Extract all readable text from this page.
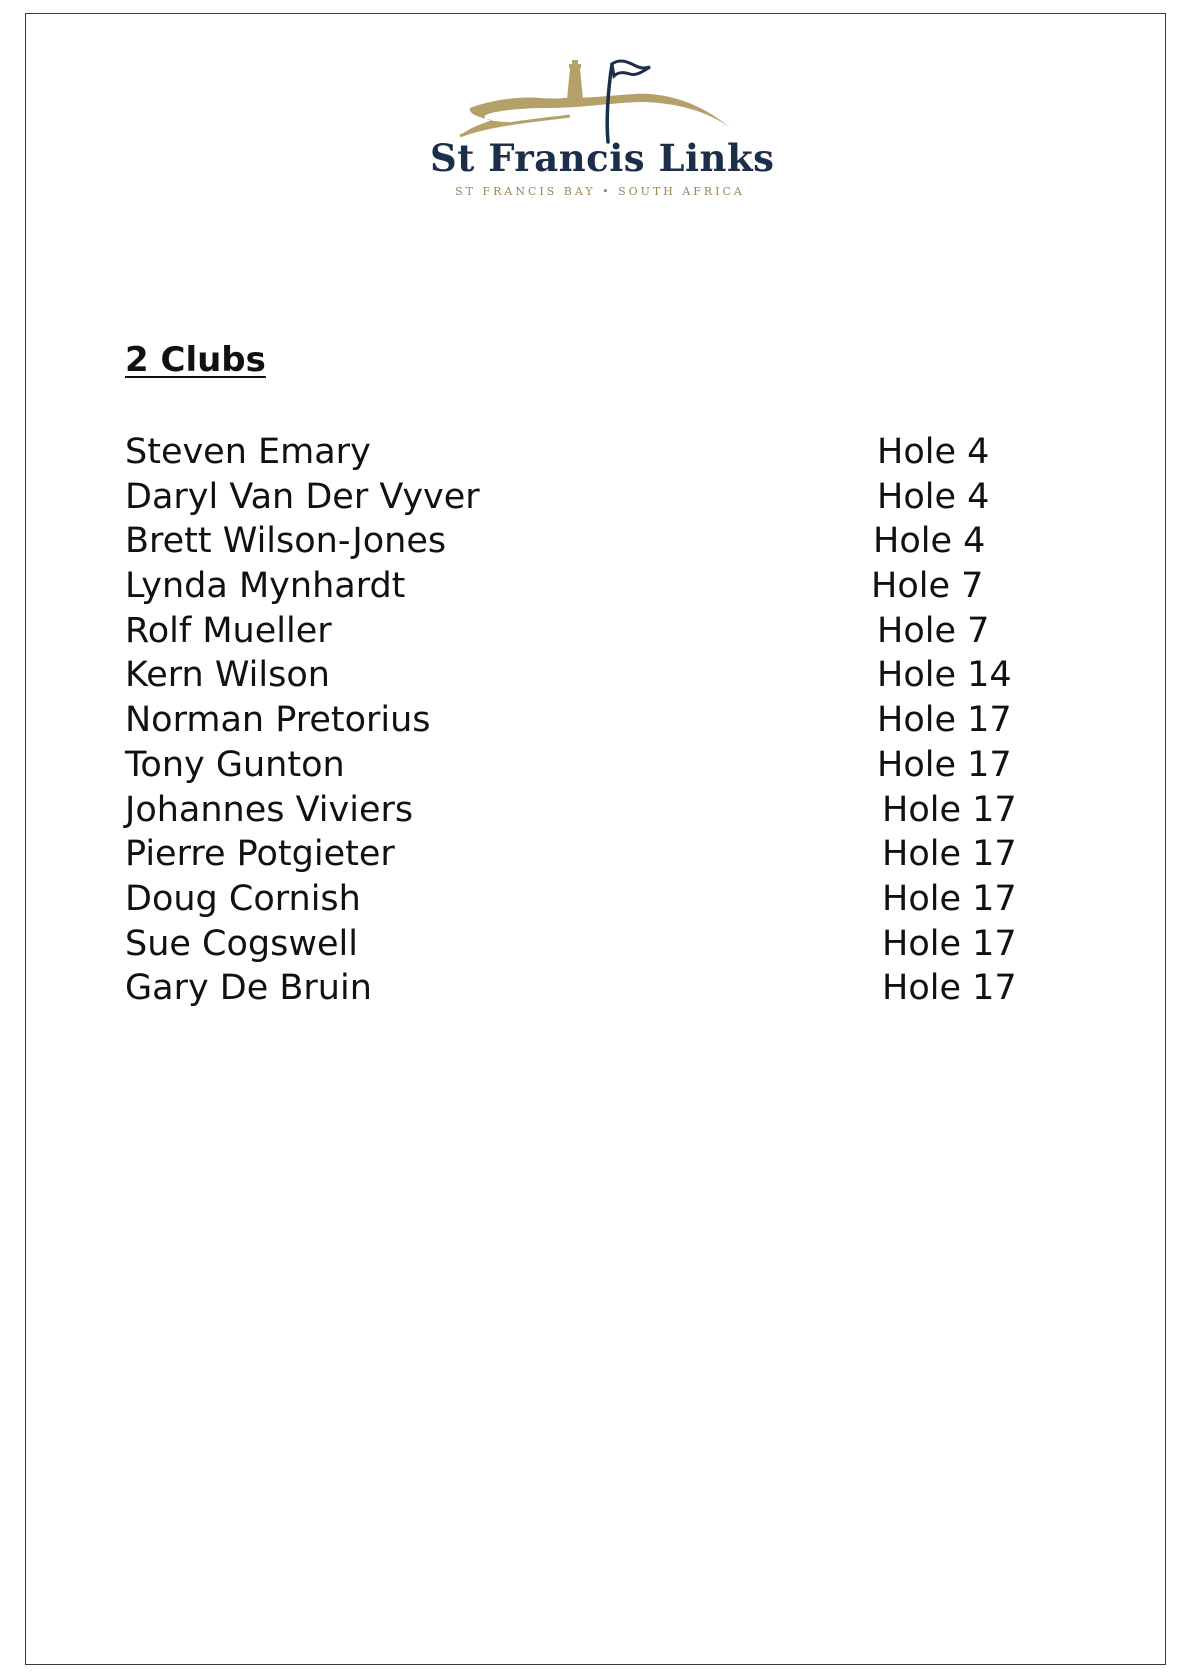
St Francis Links
ST FRANCIS BAY • SOUTH AFRICA
2 Clubs
Steven Emary	Hole 4
Daryl Van Der Vyver	Hole 4
Brett Wilson-Jones	Hole 4
Lynda Mynhardt	Hole 7
Rolf Mueller	Hole 7
Kern Wilson	Hole 14
Norman Pretorius	Hole 17
Tony Gunton	Hole 17
Johannes Viviers	Hole 17
Pierre Potgieter	Hole 17
Doug Cornish	Hole 17
Sue Cogswell	Hole 17
Gary De Bruin	Hole 17
